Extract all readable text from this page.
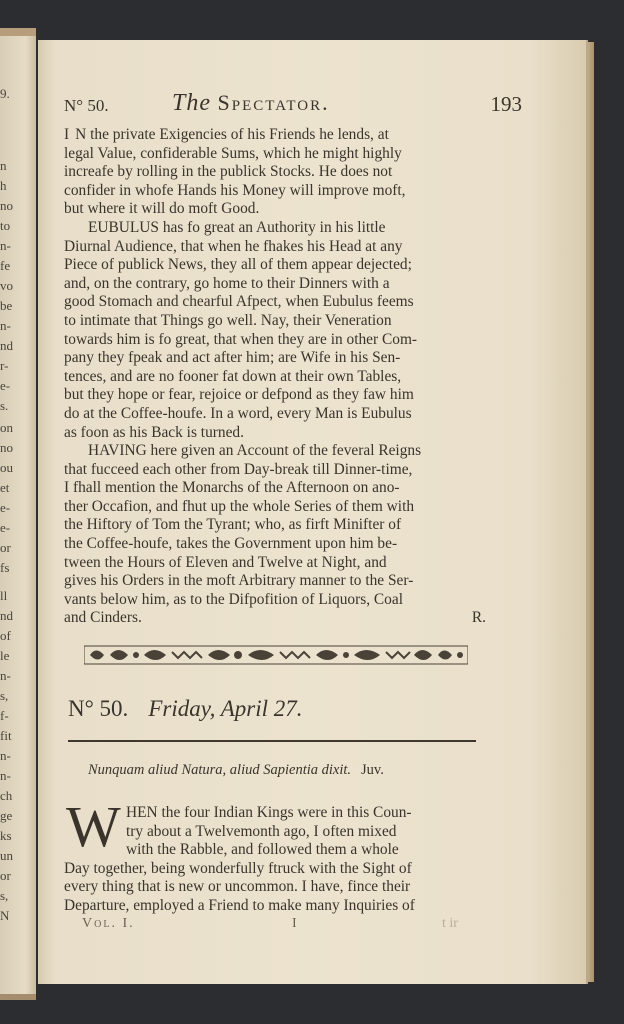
9.
n
h
no
to
n-
fe
vo
be
n-
nd
r-
e-
s.
on
no
ou
et
e-
e-
or
fs
ll
nd
of
le
n-
s,
f-
fit
n-
n-
ch
ge
ks
un
or
s,
N
N° 50.	The Spectator.	193
I N the private Exigencies of his Friends he lends, at
legal Value, confiderable Sums, which he might highly
increafe by rolling in the publick Stocks. He does not
confider in whofe Hands his Money will improve moft,
but where it will do moft Good.
EUBULUS has fo great an Authority in his little
Diurnal Audience, that when he fhakes his Head at any
Piece of publick News, they all of them appear dejected;
and, on the contrary, go home to their Dinners with a
good Stomach and chearful Afpect, when Eubulus feems
to intimate that Things go well. Nay, their Veneration
towards him is fo great, that when they are in other Com-
pany they fpeak and act after him; are Wife in his Sen-
tences, and are no fooner fat down at their own Tables,
but they hope or fear, rejoice or defpond as they faw him
do at the Coffee-houfe. In a word, every Man is Eubulus
as foon as his Back is turned.
HAVING here given an Account of the feveral Reigns
that fucceed each other from Day-break till Dinner-time,
I fhall mention the Monarchs of the Afternoon on ano-
ther Occafion, and fhut up the whole Series of them with
the Hiftory of Tom the Tyrant; who, as firft Minifter of
the Coffee-houfe, takes the Government upon him be-
tween the Hours of Eleven and Twelve at Night, and
gives his Orders in the moft Arbitrary manner to the Ser-
vants below him, as to the Difpofition of Liquors, Coal
and Cinders.	R.
N° 50. Friday, April 27.
Nunquam aliud Natura, aliud Sapientia dixit. Juv.
W HEN the four Indian Kings were in this Coun-
try about a Twelvemonth ago, I often mixed
with the Rabble, and followed them a whole
Day together, being wonderfully ftruck with the Sight of
every thing that is new or uncommon. I have, fince their
Departure, employed a Friend to make many Inquiries of
Vol. I.	I	t ir
